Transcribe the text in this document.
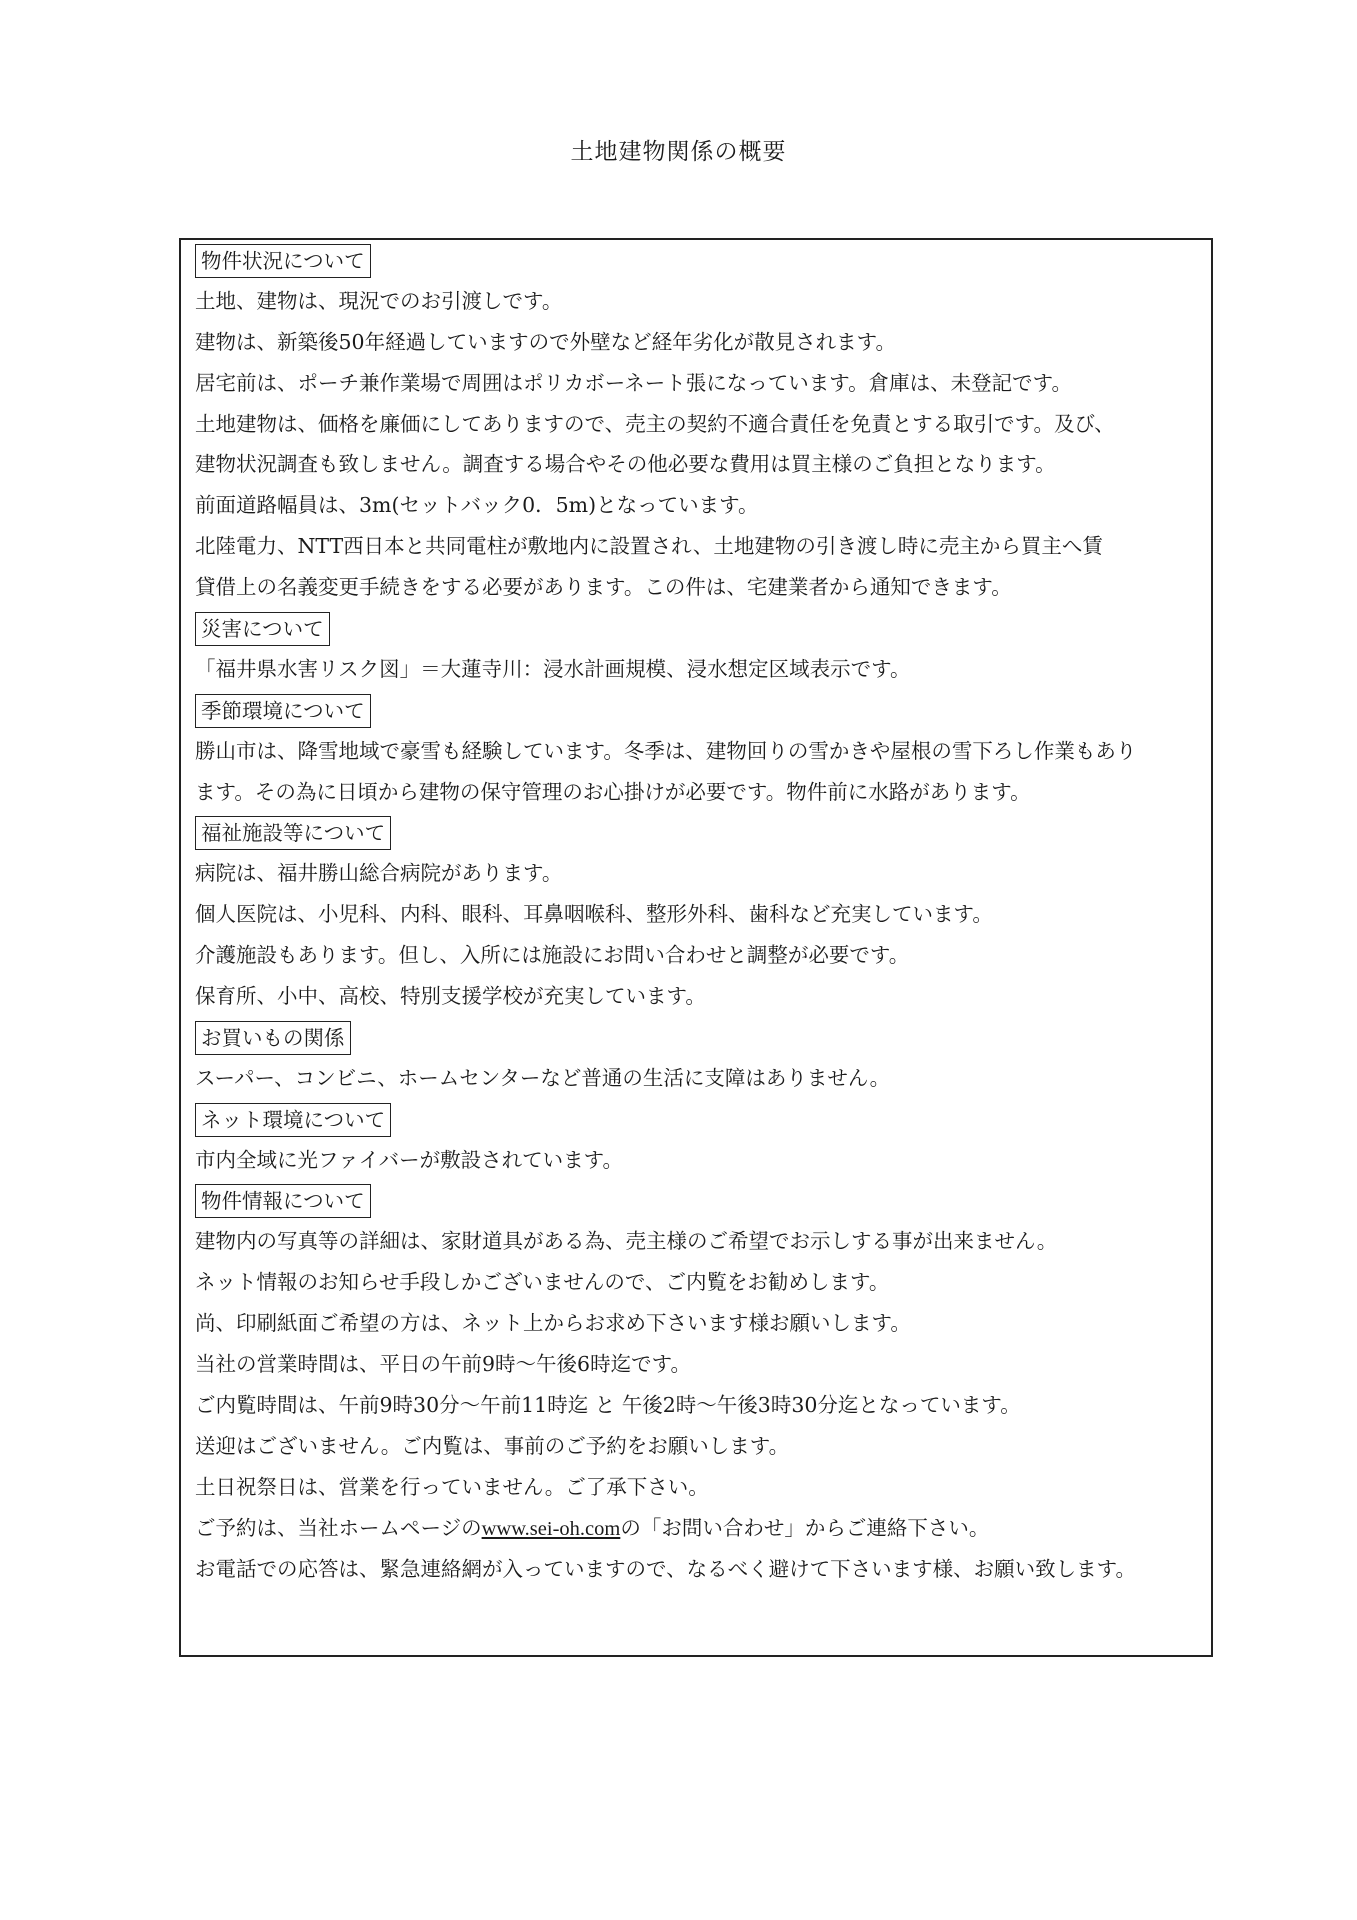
土地建物関係の概要
物件状況について
土地、建物は、現況でのお引渡しです。
建物は、新築後50年経過していますので外壁など経年劣化が散見されます。
居宅前は、ポーチ兼作業場で周囲はポリカボーネート張になっています。倉庫は、未登記です。
土地建物は、価格を廉価にしてありますので、売主の契約不適合責任を免責とする取引です。及び、
建物状況調査も致しません。調査する場合やその他必要な費用は買主様のご負担となります。
前面道路幅員は、3m(セットバック0．5m)となっています。
北陸電力、NTT西日本と共同電柱が敷地内に設置され、土地建物の引き渡し時に売主から買主へ賃
貸借上の名義変更手続きをする必要があります。この件は、宅建業者から通知できます。
災害について
「福井県水害リスク図」＝大蓮寺川：浸水計画規模、浸水想定区域表示です。
季節環境について
勝山市は、降雪地域で豪雪も経験しています。冬季は、建物回りの雪かきや屋根の雪下ろし作業もあり
ます。その為に日頃から建物の保守管理のお心掛けが必要です。物件前に水路があります。
福祉施設等について
病院は、福井勝山総合病院があります。
個人医院は、小児科、内科、眼科、耳鼻咽喉科、整形外科、歯科など充実しています。
介護施設もあります。但し、入所には施設にお問い合わせと調整が必要です。
保育所、小中、高校、特別支援学校が充実しています。
お買いもの関係
スーパー、コンビニ、ホームセンターなど普通の生活に支障はありません。
ネット環境について
市内全域に光ファイバーが敷設されています。
物件情報について
建物内の写真等の詳細は、家財道具がある為、売主様のご希望でお示しする事が出来ません。
ネット情報のお知らせ手段しかございませんので、ご内覧をお勧めします。
尚、印刷紙面ご希望の方は、ネット上からお求め下さいます様お願いします。
当社の営業時間は、平日の午前9時～午後6時迄です。
ご内覧時間は、午前9時30分～午前11時迄 と 午後2時～午後3時30分迄となっています。
送迎はございません。ご内覧は、事前のご予約をお願いします。
土日祝祭日は、営業を行っていません。ご了承下さい。
ご予約は、当社ホームページのwww.sei-oh.comの「お問い合わせ」からご連絡下さい。
お電話での応答は、緊急連絡網が入っていますので、なるべく避けて下さいます様、お願い致します。
